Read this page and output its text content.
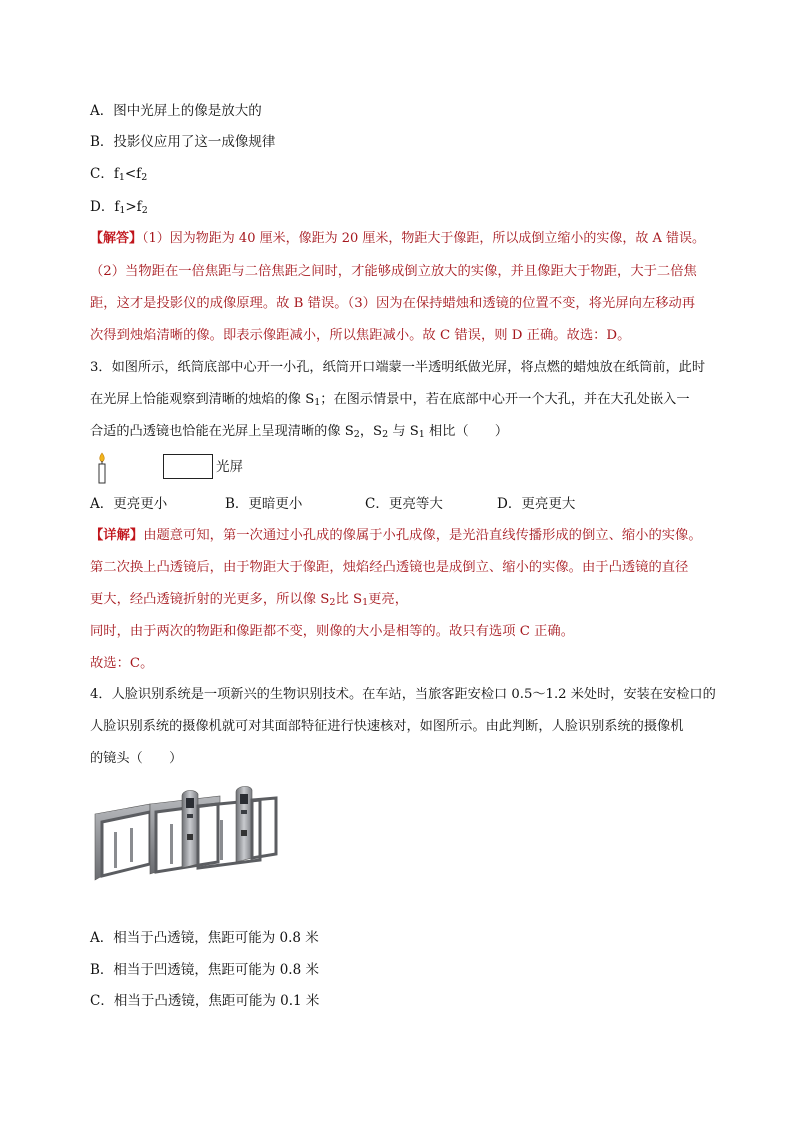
A．图中光屏上的像是放大的
B．投影仪应用了这一成像规律
C．$f_1<f_2$
D．$f_1>f_2$
【解答】（1）因为物距为 40 厘米，像距为 20 厘米，物距大于像距，所以成倒立缩小的实像，故 A 错误。
（2）当物距在一倍焦距与二倍焦距之间时，才能够成倒立放大的实像，并且像距大于物距，大于二倍焦
距，这才是投影仪的成像原理。故 B 错误。（3）因为在保持蜡烛和透镜的位置不变，将光屏向左移动再
次得到烛焰清晰的像。即表示像距减小，所以焦距减小。故 C 错误，则 D 正确。故选：D。
3．如图所示，纸筒底部中心开一小孔，纸筒开口端蒙一半透明纸做光屏，将点燃的蜡烛放在纸筒前，此时
在光屏上恰能观察到清晰的烛焰的像 $S_1$；在图示情景中，若在底部中心开一个大孔，并在大孔处嵌入一
合适的凸透镜也恰能在光屏上呈现清晰的像 $S_2$，$S_2$ 与 $S_1$ 相比（　　）
光屏
A．更亮更小	B．更暗更小	C．更亮等大	D．更亮更大
【详解】由题意可知，第一次通过小孔成的像属于小孔成像，是光沿直线传播形成的倒立、缩小的实像。
第二次换上凸透镜后，由于物距大于像距，烛焰经凸透镜也是成倒立、缩小的实像。由于凸透镜的直径
更大，经凸透镜折射的光更多，所以像 $S_2$比 $S_1$更亮，
同时，由于两次的物距和像距都不变，则像的大小是相等的。故只有选项 C 正确。
故选：C。
4．人脸识别系统是一项新兴的生物识别技术。在车站，当旅客距安检口 0.5～1.2 米处时，安装在安检口的
人脸识别系统的摄像机就可对其面部特征进行快速核对，如图所示。由此判断，人脸识别系统的摄像机
的镜头（　　）
A．相当于凸透镜，焦距可能为 0.8 米
B．相当于凹透镜，焦距可能为 0.8 米
C．相当于凸透镜，焦距可能为 0.1 米
